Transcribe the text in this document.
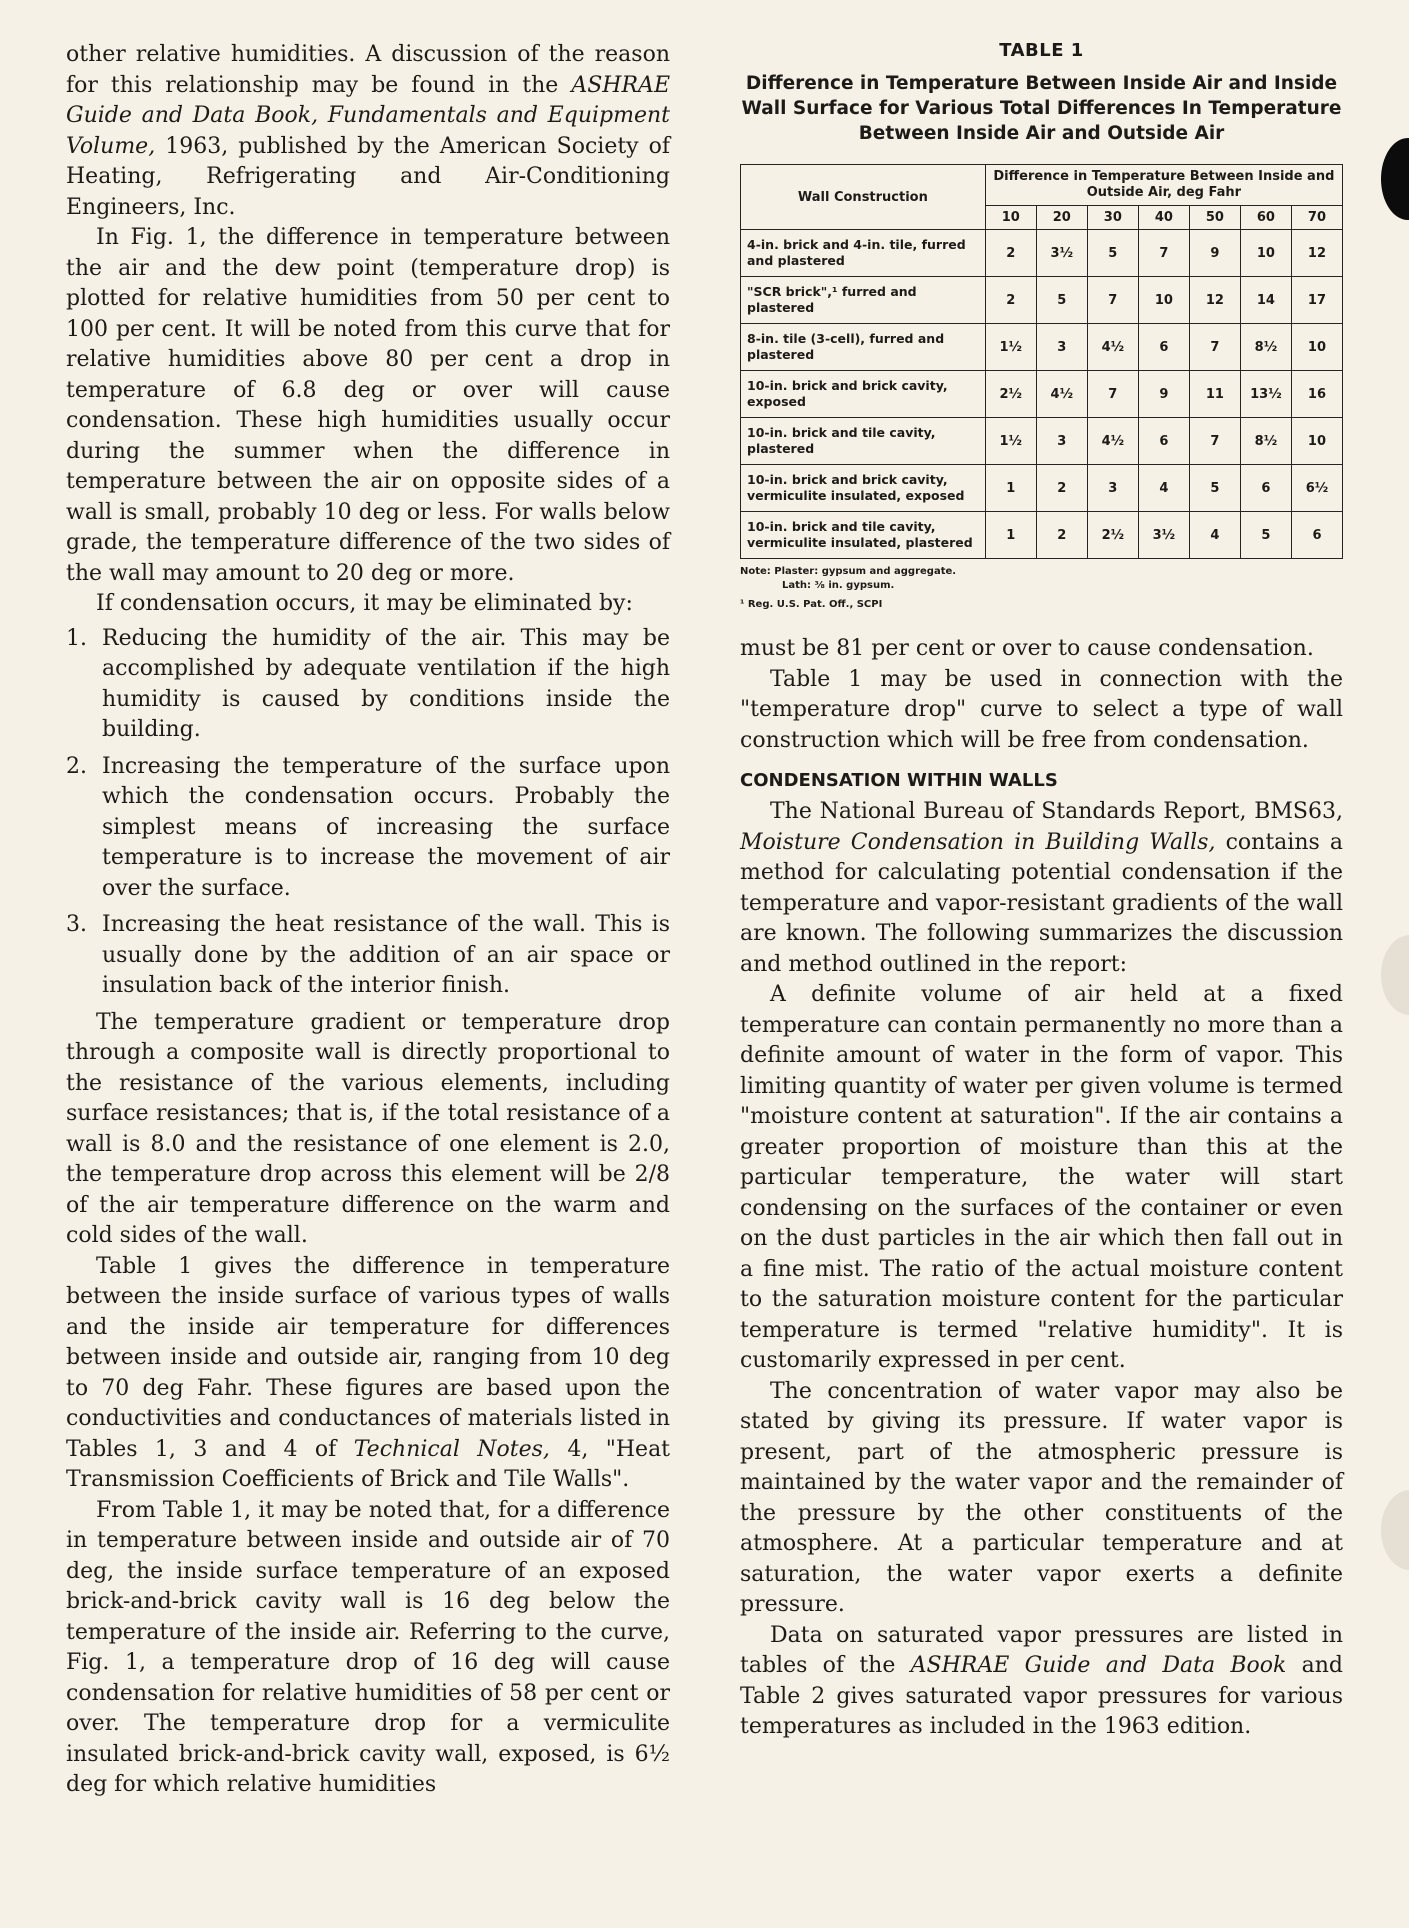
other relative humidities. A discussion of the reason for this relationship may be found in the ASHRAE Guide and Data Book, Fundamentals and Equipment Volume, 1963, published by the American Society of Heating, Refrigerating and Air-Conditioning Engineers, Inc.

In Fig. 1, the difference in temperature between the air and the dew point (temperature drop) is plotted for relative humidities from 50 per cent to 100 per cent. It will be noted from this curve that for relative humidities above 80 per cent a drop in temperature of 6.8 deg or over will cause condensation. These high humidities usually occur during the summer when the difference in temperature between the air on opposite sides of a wall is small, probably 10 deg or less. For walls below grade, the temperature difference of the two sides of the wall may amount to 20 deg or more.

If condensation occurs, it may be eliminated by:

1. Reducing the humidity of the air. This may be accomplished by adequate ventilation if the high humidity is caused by conditions inside the building.
2. Increasing the temperature of the surface upon which the condensation occurs. Probably the simplest means of increasing the surface temperature is to increase the movement of air over the surface.
3. Increasing the heat resistance of the wall. This is usually done by the addition of an air space or insulation back of the interior finish.

The temperature gradient or temperature drop through a composite wall is directly proportional to the resistance of the various elements, including surface resistances; that is, if the total resistance of a wall is 8.0 and the resistance of one element is 2.0, the temperature drop across this element will be 2/8 of the air temperature difference on the warm and cold sides of the wall.

Table 1 gives the difference in temperature between the inside surface of various types of walls and the inside air temperature for differences between inside and outside air, ranging from 10 deg to 70 deg Fahr. These figures are based upon the conductivities and conductances of materials listed in Tables 1, 3 and 4 of Technical Notes, 4, "Heat Transmission Coefficients of Brick and Tile Walls".

From Table 1, it may be noted that, for a difference in temperature between inside and outside air of 70 deg, the inside surface temperature of an exposed brick-and-brick cavity wall is 16 deg below the temperature of the inside air. Referring to the curve, Fig. 1, a temperature drop of 16 deg will cause condensation for relative humidities of 58 per cent or over. The temperature drop for a vermiculite insulated brick-and-brick cavity wall, exposed, is 6½ deg for which relative humidities

TABLE 1
Difference in Temperature Between Inside Air and Inside Wall Surface for Various Total Differences In Temperature Between Inside Air and Outside Air
Wall Construction	Difference in Temperature Between Inside and Outside Air, deg Fahr						
	10	20	30	40	50	60	70
4-in. brick and 4-in. tile, furred and plastered	2	3½	5	7	9	10	12
"SCR brick",¹ furred and plastered	2	5	7	10	12	14	17
8-in. tile (3-cell), furred and plastered	1½	3	4½	6	7	8½	10
10-in. brick and brick cavity, exposed	2½	4½	7	9	11	13½	16
10-in. brick and tile cavity, plastered	1½	3	4½	6	7	8½	10
10-in. brick and brick cavity, vermiculite insulated, exposed	1	2	3	4	5	6	6½
10-in. brick and tile cavity, vermiculite insulated, plastered	1	2	2½	3½	4	5	6
Note: Plaster: gypsum and aggregate.
Lath: ⅜ in. gypsum.
¹ Reg. U.S. Pat. Off., SCPI

must be 81 per cent or over to cause condensation.

Table 1 may be used in connection with the "temperature drop" curve to select a type of wall construction which will be free from condensation.

CONDENSATION WITHIN WALLS

The National Bureau of Standards Report, BMS63, Moisture Condensation in Building Walls, contains a method for calculating potential condensation if the temperature and vapor-resistant gradients of the wall are known. The following summarizes the discussion and method outlined in the report:

A definite volume of air held at a fixed temperature can contain permanently no more than a definite amount of water in the form of vapor. This limiting quantity of water per given volume is termed "moisture content at saturation". If the air contains a greater proportion of moisture than this at the particular temperature, the water will start condensing on the surfaces of the container or even on the dust particles in the air which then fall out in a fine mist. The ratio of the actual moisture content to the saturation moisture content for the particular temperature is termed "relative humidity". It is customarily expressed in per cent.

The concentration of water vapor may also be stated by giving its pressure. If water vapor is present, part of the atmospheric pressure is maintained by the water vapor and the remainder of the pressure by the other constituents of the atmosphere. At a particular temperature and at saturation, the water vapor exerts a definite pressure.

Data on saturated vapor pressures are listed in tables of the ASHRAE Guide and Data Book and Table 2 gives saturated vapor pressures for various temperatures as included in the 1963 edition.
